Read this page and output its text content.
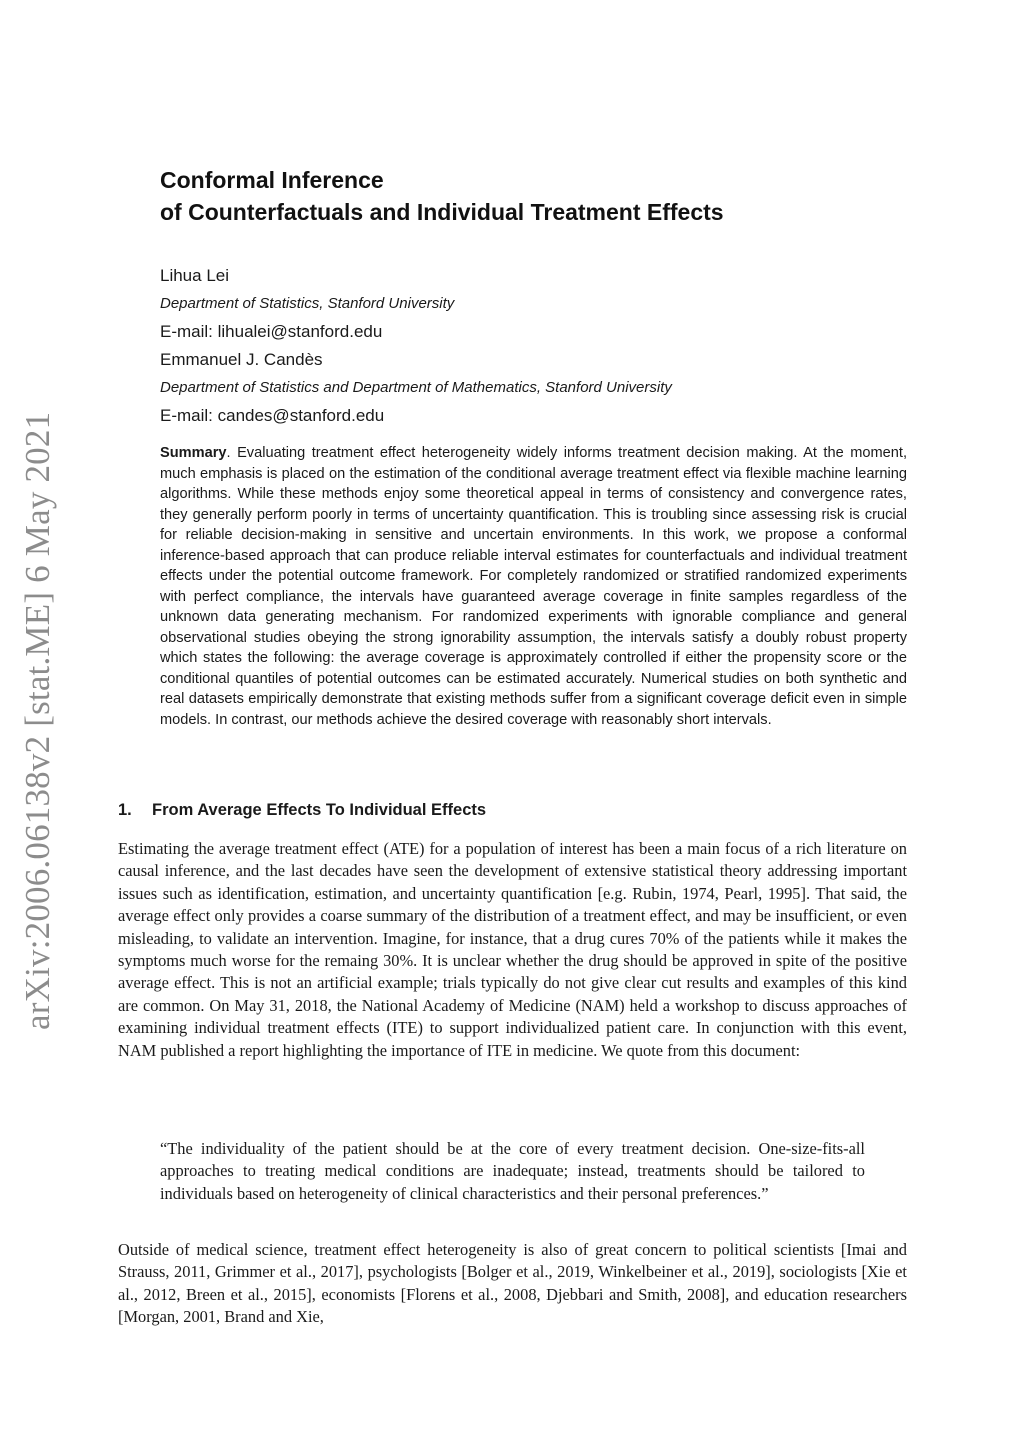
arXiv:2006.06138v2 [stat.ME] 6 May 2021
Conformal Inference
of Counterfactuals and Individual Treatment Effects
Lihua Lei
Department of Statistics, Stanford University
E-mail: lihualei@stanford.edu
Emmanuel J. Candès
Department of Statistics and Department of Mathematics, Stanford University
E-mail: candes@stanford.edu
Summary. Evaluating treatment effect heterogeneity widely informs treatment decision making. At the moment, much emphasis is placed on the estimation of the conditional average treatment effect via flexible machine learning algorithms. While these methods enjoy some theoretical appeal in terms of consistency and convergence rates, they generally perform poorly in terms of uncertainty quantification. This is troubling since assessing risk is crucial for reliable decision-making in sensitive and uncertain environments. In this work, we propose a conformal inference-based approach that can produce reliable interval estimates for counterfactuals and individual treatment effects under the potential outcome framework. For completely randomized or stratified randomized experiments with perfect compliance, the intervals have guaranteed average coverage in finite samples regardless of the unknown data generating mechanism. For randomized experiments with ignorable compliance and general observational studies obeying the strong ignorability assumption, the intervals satisfy a doubly robust property which states the following: the average coverage is approximately controlled if either the propensity score or the conditional quantiles of potential outcomes can be estimated accurately. Numerical studies on both synthetic and real datasets empirically demonstrate that existing methods suffer from a significant coverage deficit even in simple models. In contrast, our methods achieve the desired coverage with reasonably short intervals.
1. From Average Effects To Individual Effects
Estimating the average treatment effect (ATE) for a population of interest has been a main focus of a rich literature on causal inference, and the last decades have seen the development of extensive statistical theory addressing important issues such as identification, estimation, and uncertainty quantification [e.g. Rubin, 1974, Pearl, 1995]. That said, the average effect only provides a coarse summary of the distribution of a treatment effect, and may be insufficient, or even misleading, to validate an intervention. Imagine, for instance, that a drug cures 70% of the patients while it makes the symptoms much worse for the remaing 30%. It is unclear whether the drug should be approved in spite of the positive average effect. This is not an artificial example; trials typically do not give clear cut results and examples of this kind are common. On May 31, 2018, the National Academy of Medicine (NAM) held a workshop to discuss approaches of examining individual treatment effects (ITE) to support individualized patient care. In conjunction with this event, NAM published a report highlighting the importance of ITE in medicine. We quote from this document:
“The individuality of the patient should be at the core of every treatment decision. One-size-fits-all approaches to treating medical conditions are inadequate; instead, treatments should be tailored to individuals based on heterogeneity of clinical characteristics and their personal preferences.”
Outside of medical science, treatment effect heterogeneity is also of great concern to political scientists [Imai and Strauss, 2011, Grimmer et al., 2017], psychologists [Bolger et al., 2019, Winkelbeiner et al., 2019], sociologists [Xie et al., 2012, Breen et al., 2015], economists [Florens et al., 2008, Djebbari and Smith, 2008], and education researchers [Morgan, 2001, Brand and Xie,
